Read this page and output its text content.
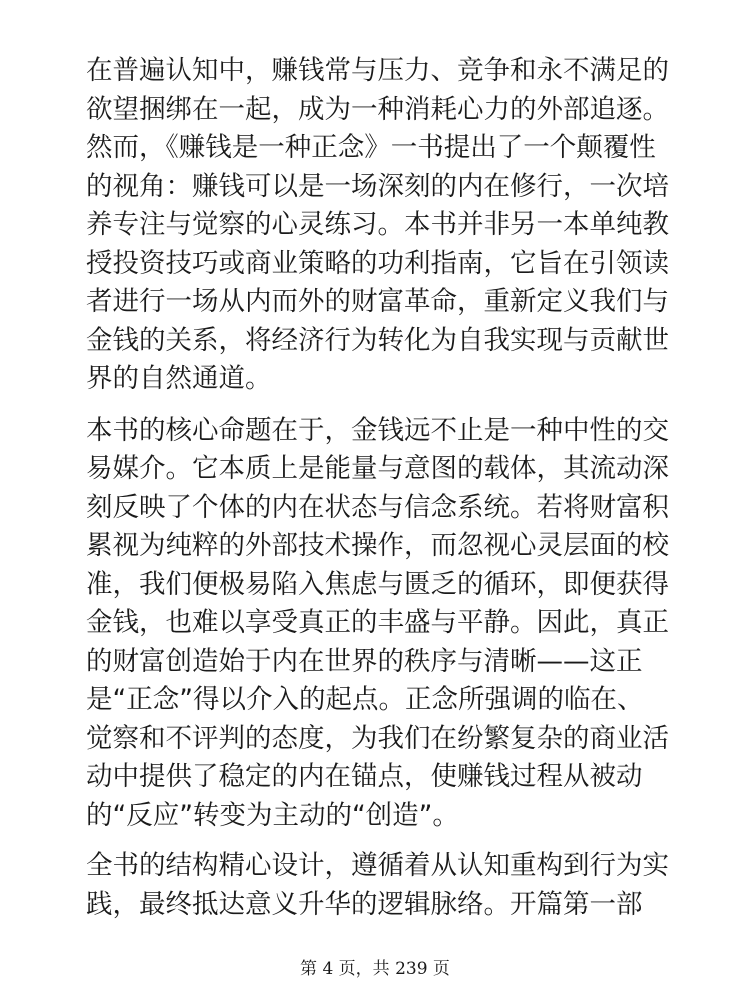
在普遍认知中，赚钱常与压力、竞争和永不满足的
欲望捆绑在一起，成为一种消耗心力的外部追逐。
然而，《赚钱是一种正念》一书提出了一个颠覆性
的视角：赚钱可以是一场深刻的内在修行，一次培
养专注与觉察的心灵练习。本书并非另一本单纯教
授投资技巧或商业策略的功利指南，它旨在引领读
者进行一场从内而外的财富革命，重新定义我们与
金钱的关系，将经济行为转化为自我实现与贡献世
界的自然通道。
本书的核心命题在于，金钱远不止是一种中性的交
易媒介。它本质上是能量与意图的载体，其流动深
刻反映了个体的内在状态与信念系统。若将财富积
累视为纯粹的外部技术操作，而忽视心灵层面的校
准，我们便极易陷入焦虑与匮乏的循环，即便获得
金钱，也难以享受真正的丰盛与平静。因此，真正
的财富创造始于内在世界的秩序与清晰——这正
是“正念”得以介入的起点。正念所强调的临在、
觉察和不评判的态度，为我们在纷繁复杂的商业活
动中提供了稳定的内在锚点，使赚钱过程从被动
的“反应”转变为主动的“创造”。
全书的结构精心设计，遵循着从认知重构到行为实
践，最终抵达意义升华的逻辑脉络。开篇第一部
第 4 页，共 239 页
